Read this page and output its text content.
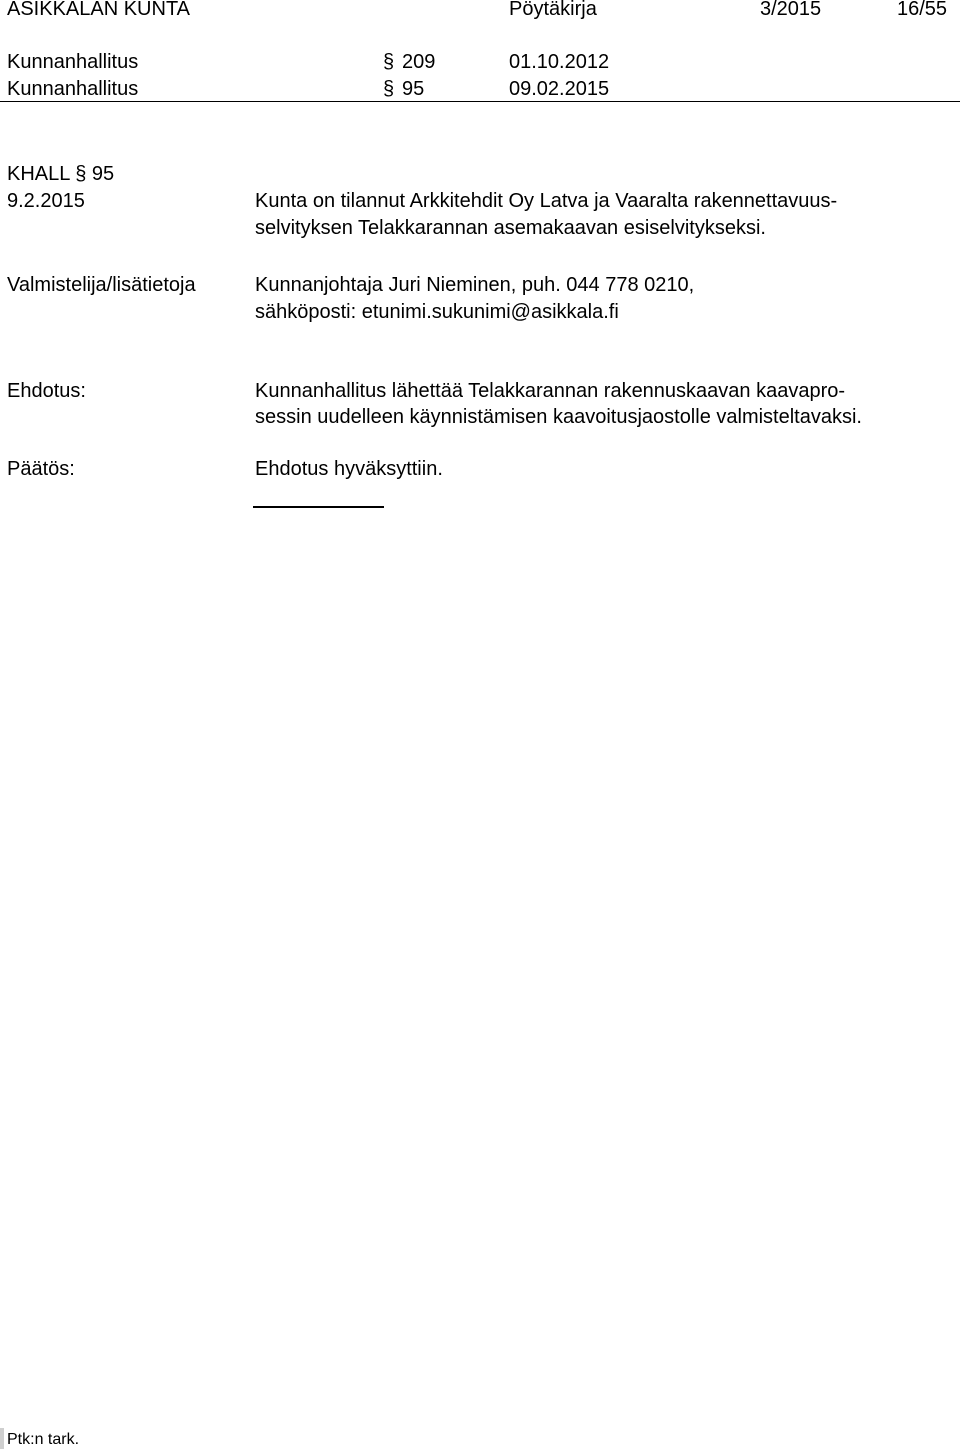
ASIKKALAN KUNTA	Pöytäkirja	3/2015	16/55
Kunnanhallitus	§ 209	01.10.2012
Kunnanhallitus	§ 95	09.02.2015
KHALL § 95
9.2.2015	Kunta on tilannut Arkkitehdit Oy Latva ja Vaaralta rakennettavuus-
selvityksen Telakkarannan asemakaavan esiselvitykseksi.
Valmistelija/lisätietoja	Kunnanjohtaja Juri Nieminen, puh. 044 778 0210,
sähköposti: etunimi.sukunimi@asikkala.fi
Ehdotus:	Kunnanhallitus lähettää Telakkarannan rakennuskaavan kaavapro-
sessin uudelleen käynnistämisen kaavoitusjaostolle valmisteltavaksi.
Päätös:	Ehdotus hyväksyttiin.
Ptk:n tark.
